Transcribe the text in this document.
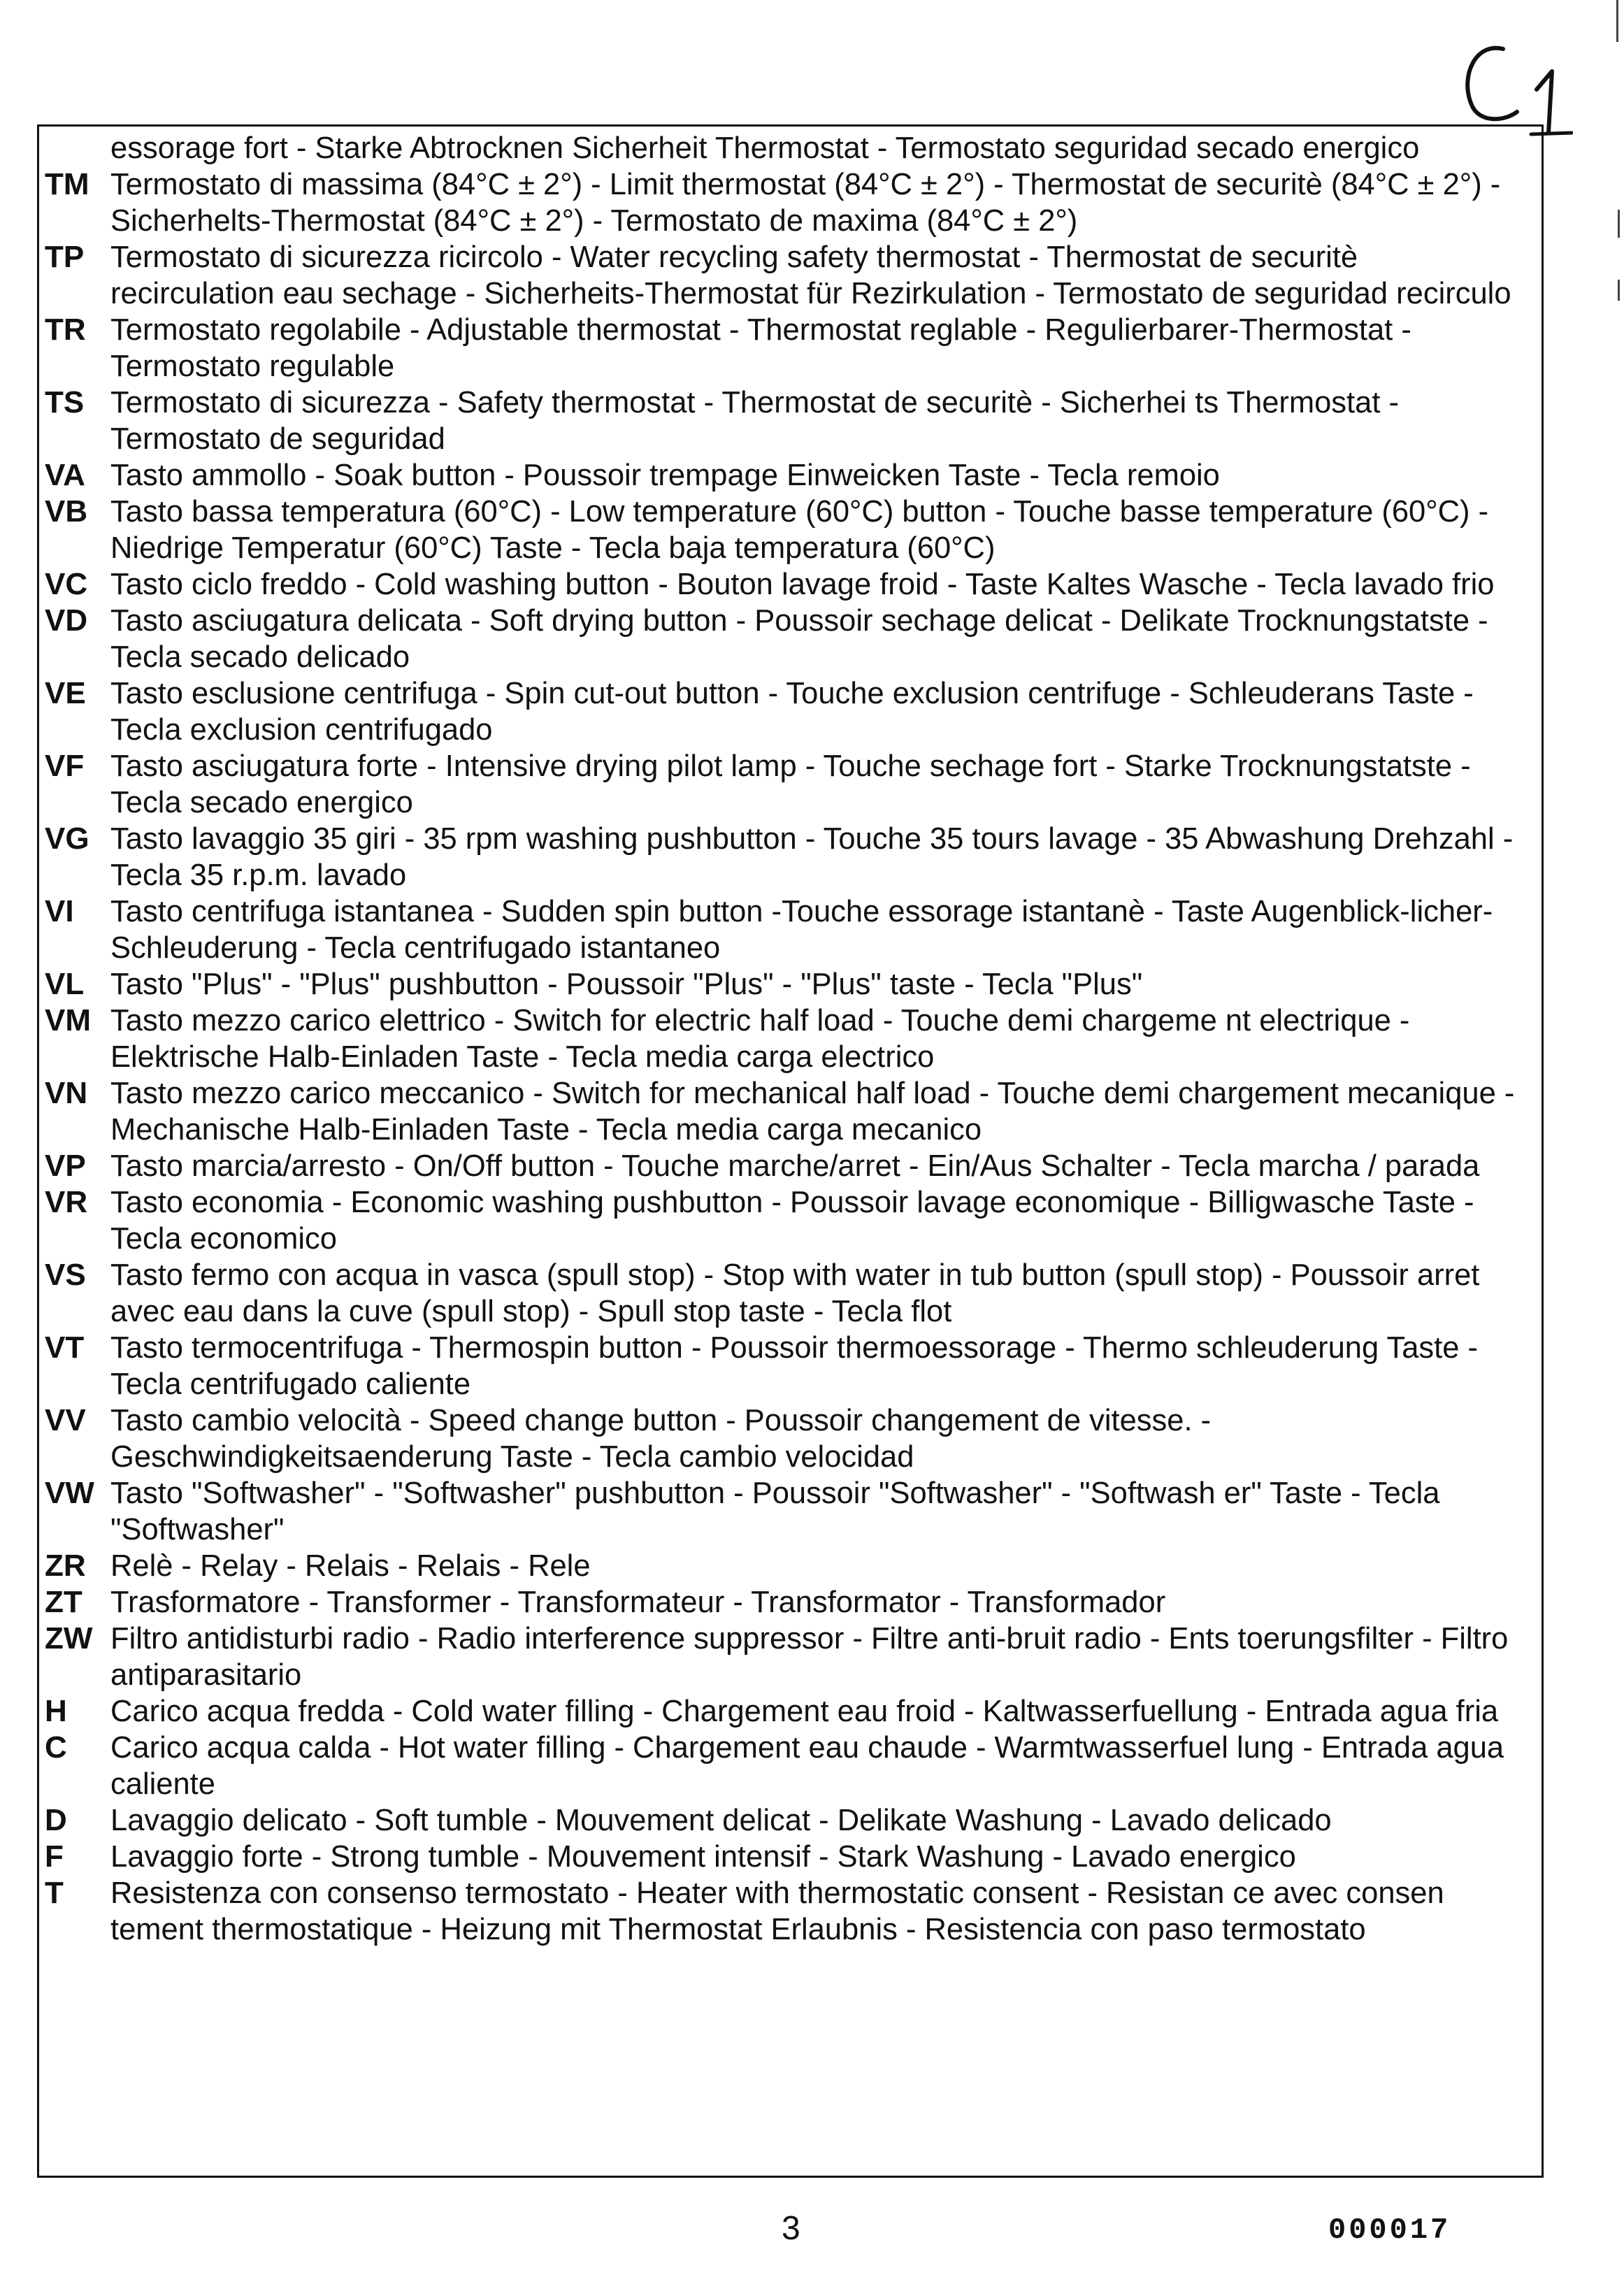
essorage fort - Starke Abtrocknen Sicherheit Thermostat - Termostato seguridad secado energico
TM Termostato di massima (84°C ± 2°) - Limit thermostat (84°C ± 2°) - Thermostat de securitè (84°C ± 2°) - Sicherhelts-Thermostat (84°C ± 2°) - Termostato de maxima (84°C ± 2°)
TP Termostato di sicurezza ricircolo - Water recycling safety thermostat - Thermostat de securitè recirculation eau sechage - Sicherheits-Thermostat für Rezirkulation - Termostato de seguridad recirculo
TR Termostato regolabile - Adjustable thermostat - Thermostat reglable - Regulierbarer-Thermostat - Termostato regulable
TS Termostato di sicurezza - Safety thermostat - Thermostat de securitè - Sicherhei ts Thermostat - Termostato de seguridad
VA Tasto ammollo - Soak button - Poussoir trempage Einweicken Taste - Tecla remoio
VB Tasto bassa temperatura (60°C) - Low temperature (60°C) button - Touche basse temperature (60°C) - Niedrige Temperatur (60°C) Taste - Tecla baja temperatura (60°C)
VC Tasto ciclo freddo - Cold washing button - Bouton lavage froid - Taste Kaltes Wasche - Tecla lavado frio
VD Tasto asciugatura delicata - Soft drying button - Poussoir sechage delicat - Delikate Trocknungstatste - Tecla secado delicado
VE Tasto esclusione centrifuga - Spin cut-out button - Touche exclusion centrifuge - Schleuderans Taste - Tecla exclusion centrifugado
VF Tasto asciugatura forte - Intensive drying pilot lamp - Touche sechage fort - Starke Trocknungstatste - Tecla secado energico
VG Tasto lavaggio 35 giri - 35 rpm washing pushbutton - Touche 35 tours lavage - 35 Abwashung Drehzahl - Tecla 35 r.p.m. lavado
VI	Tasto centrifuga istantanea - Sudden spin button -Touche essorage istantanè - Taste Augenblick-licher-Schleuderung - Tecla centrifugado istantaneo
VL Tasto "Plus" - "Plus" pushbutton - Poussoir "Plus" - "Plus" taste - Tecla "Plus"
VM Tasto mezzo carico elettrico - Switch for electric half load - Touche demi chargeme nt electrique - Elektrische Halb-Einladen Taste - Tecla media carga electrico
VN Tasto mezzo carico meccanico - Switch for mechanical half load - Touche demi chargement mecanique - Mechanische Halb-Einladen Taste - Tecla media carga mecanico
VP Tasto marcia/arresto - On/Off button - Touche marche/arret - Ein/Aus Schalter - Tecla marcha / parada
VR Tasto economia - Economic washing pushbutton - Poussoir lavage economique - Billigwasche Taste - Tecla economico
VS Tasto fermo con acqua in vasca (spull stop) - Stop with water in tub button (spull stop) - Poussoir arret avec eau dans la cuve (spull stop) - Spull stop taste - Tecla flot
VT Tasto termocentrifuga - Thermospin button - Poussoir thermoessorage - Thermo schleuderung Taste - Tecla centrifugado caliente
VV Tasto cambio velocità - Speed change button - Poussoir changement de vitesse. - Geschwindigkeitsaenderung Taste - Tecla cambio velocidad
VW Tasto "Softwasher" - "Softwasher" pushbutton - Poussoir "Softwasher" - "Softwash er" Taste - Tecla "Softwasher"
ZR Relè - Relay - Relais - Relais - Rele
ZT Trasformatore - Transformer - Transformateur - Transformator - Transformador
ZW Filtro antidisturbi radio - Radio interference suppressor - Filtre anti-bruit radio - Ents toerungsfilter - Filtro antiparasitario
H	Carico acqua fredda - Cold water filling - Chargement eau froid - Kaltwasserfuellung - Entrada agua fria
C	Carico acqua calda - Hot water filling - Chargement eau chaude - Warmtwasserfuel lung - Entrada agua caliente
D	Lavaggio delicato - Soft tumble - Mouvement delicat - Delikate Washung - Lavado delicado
F	Lavaggio forte - Strong tumble - Mouvement intensif - Stark Washung - Lavado energico
T	Resistenza con consenso termostato - Heater with thermostatic consent - Resistan ce avec consen tement thermostatique - Heizung mit Thermostat Erlaubnis - Resistencia con paso termostato
3	000017
